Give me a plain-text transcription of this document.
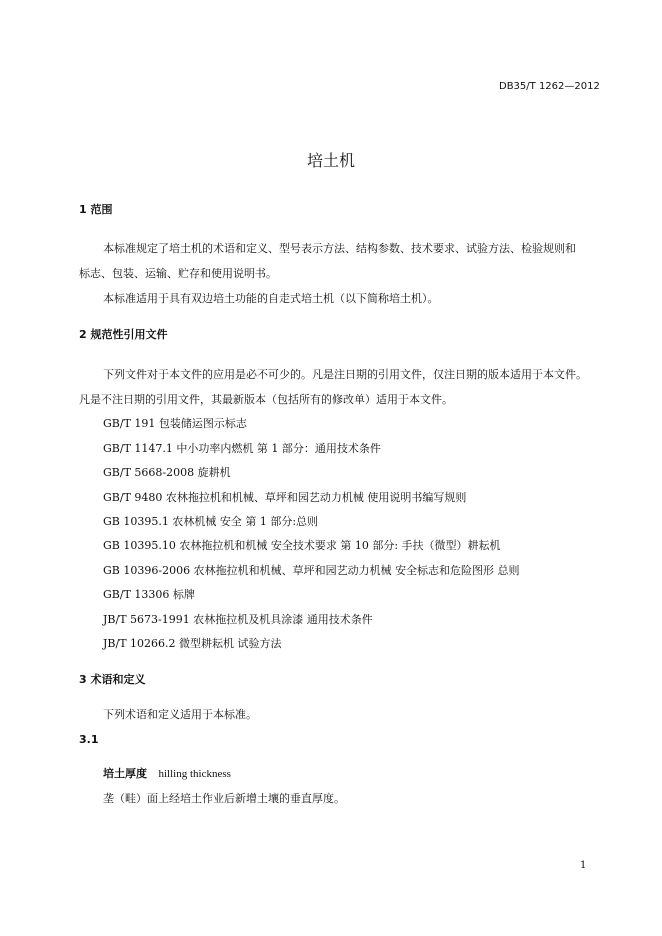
DB35/T 1262—2012
培土机
1 范围
本标准规定了培土机的术语和定义、型号表示方法、结构参数、技术要求、试验方法、检验规则和
标志、包装、运输、贮存和使用说明书。
本标准适用于具有双边培土功能的自走式培土机（以下简称培土机）。
2 规范性引用文件
下列文件对于本文件的应用是必不可少的。凡是注日期的引用文件，仅注日期的版本适用于本文件。
凡是不注日期的引用文件，其最新版本（包括所有的修改单）适用于本文件。
GB/T 191 包装储运图示标志
GB/T 1147.1 中小功率内燃机 第 1 部分：通用技术条件
GB/T 5668-2008 旋耕机
GB/T 9480 农林拖拉机和机械、草坪和园艺动力机械 使用说明书编写规则
GB 10395.1 农林机械 安全 第 1 部分:总则
GB 10395.10 农林拖拉机和机械 安全技术要求 第 10 部分: 手扶（微型）耕耘机
GB 10396-2006 农林拖拉机和机械、草坪和园艺动力机械 安全标志和危险图形 总则
GB/T 13306 标牌
JB/T 5673-1991 农林拖拉机及机具涂漆 通用技术条件
JB/T 10266.2 微型耕耘机 试验方法
3 术语和定义
下列术语和定义适用于本标准。
3.1
培土厚度 hilling thickness
垄（畦）面上经培土作业后新增土壤的垂直厚度。
1
